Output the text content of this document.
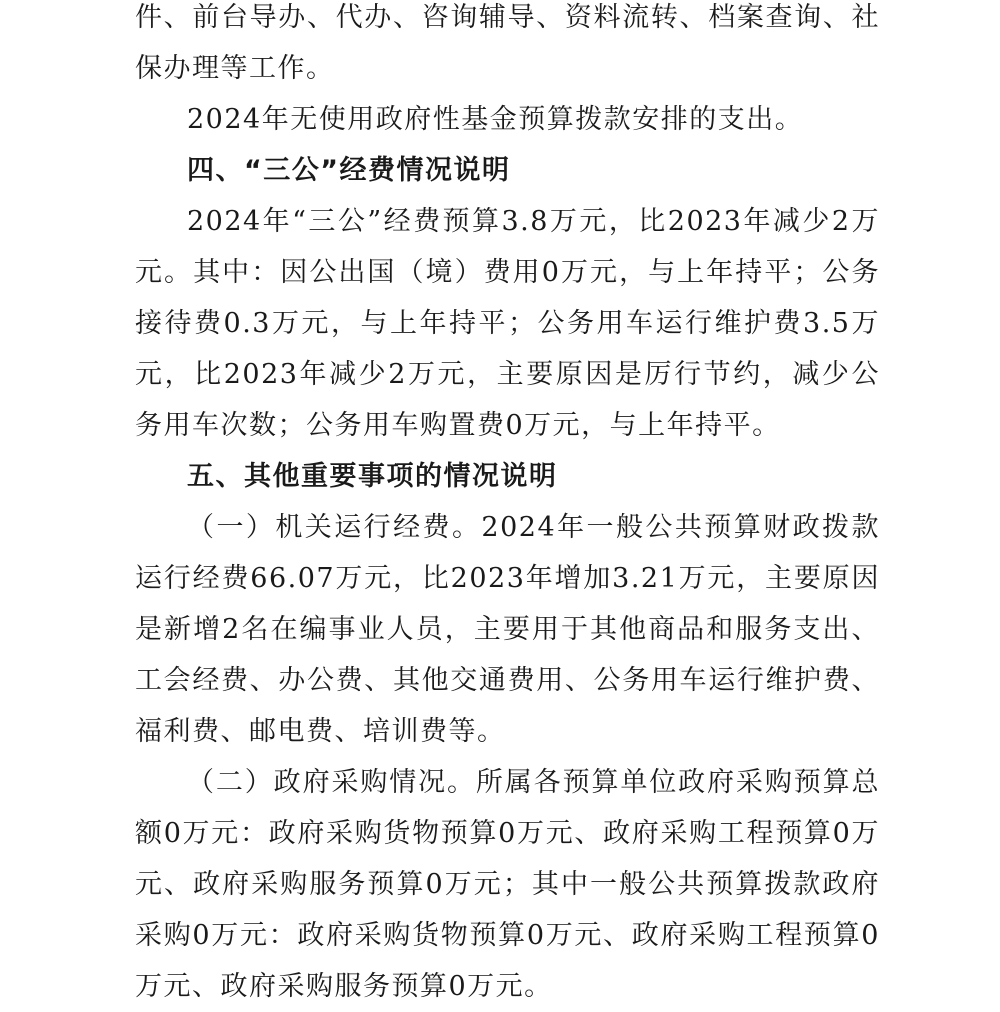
件、前台导办、代办、咨询辅导、资料流转、档案查询、社保办理等工作。

2024年无使用政府性基金预算拨款安排的支出。

四、“三公”经费情况说明

2024年“三公”经费预算3.8万元，比2023年减少2万元。其中：因公出国（境）费用0万元，与上年持平；公务接待费0.3万元，与上年持平；公务用车运行维护费3.5万元，比2023年减少2万元，主要原因是厉行节约，减少公务用车次数；公务用车购置费0万元，与上年持平。

五、其他重要事项的情况说明

（一）机关运行经费。2024年一般公共预算财政拨款运行经费66.07万元，比2023年增加3.21万元，主要原因是新增2名在编事业人员，主要用于其他商品和服务支出、工会经费、办公费、其他交通费用、公务用车运行维护费、福利费、邮电费、培训费等。

（二）政府采购情况。所属各预算单位政府采购预算总额0万元：政府采购货物预算0万元、政府采购工程预算0万元、政府采购服务预算0万元；其中一般公共预算拨款政府采购0万元：政府采购货物预算0万元、政府采购工程预算0万元、政府采购服务预算0万元。
